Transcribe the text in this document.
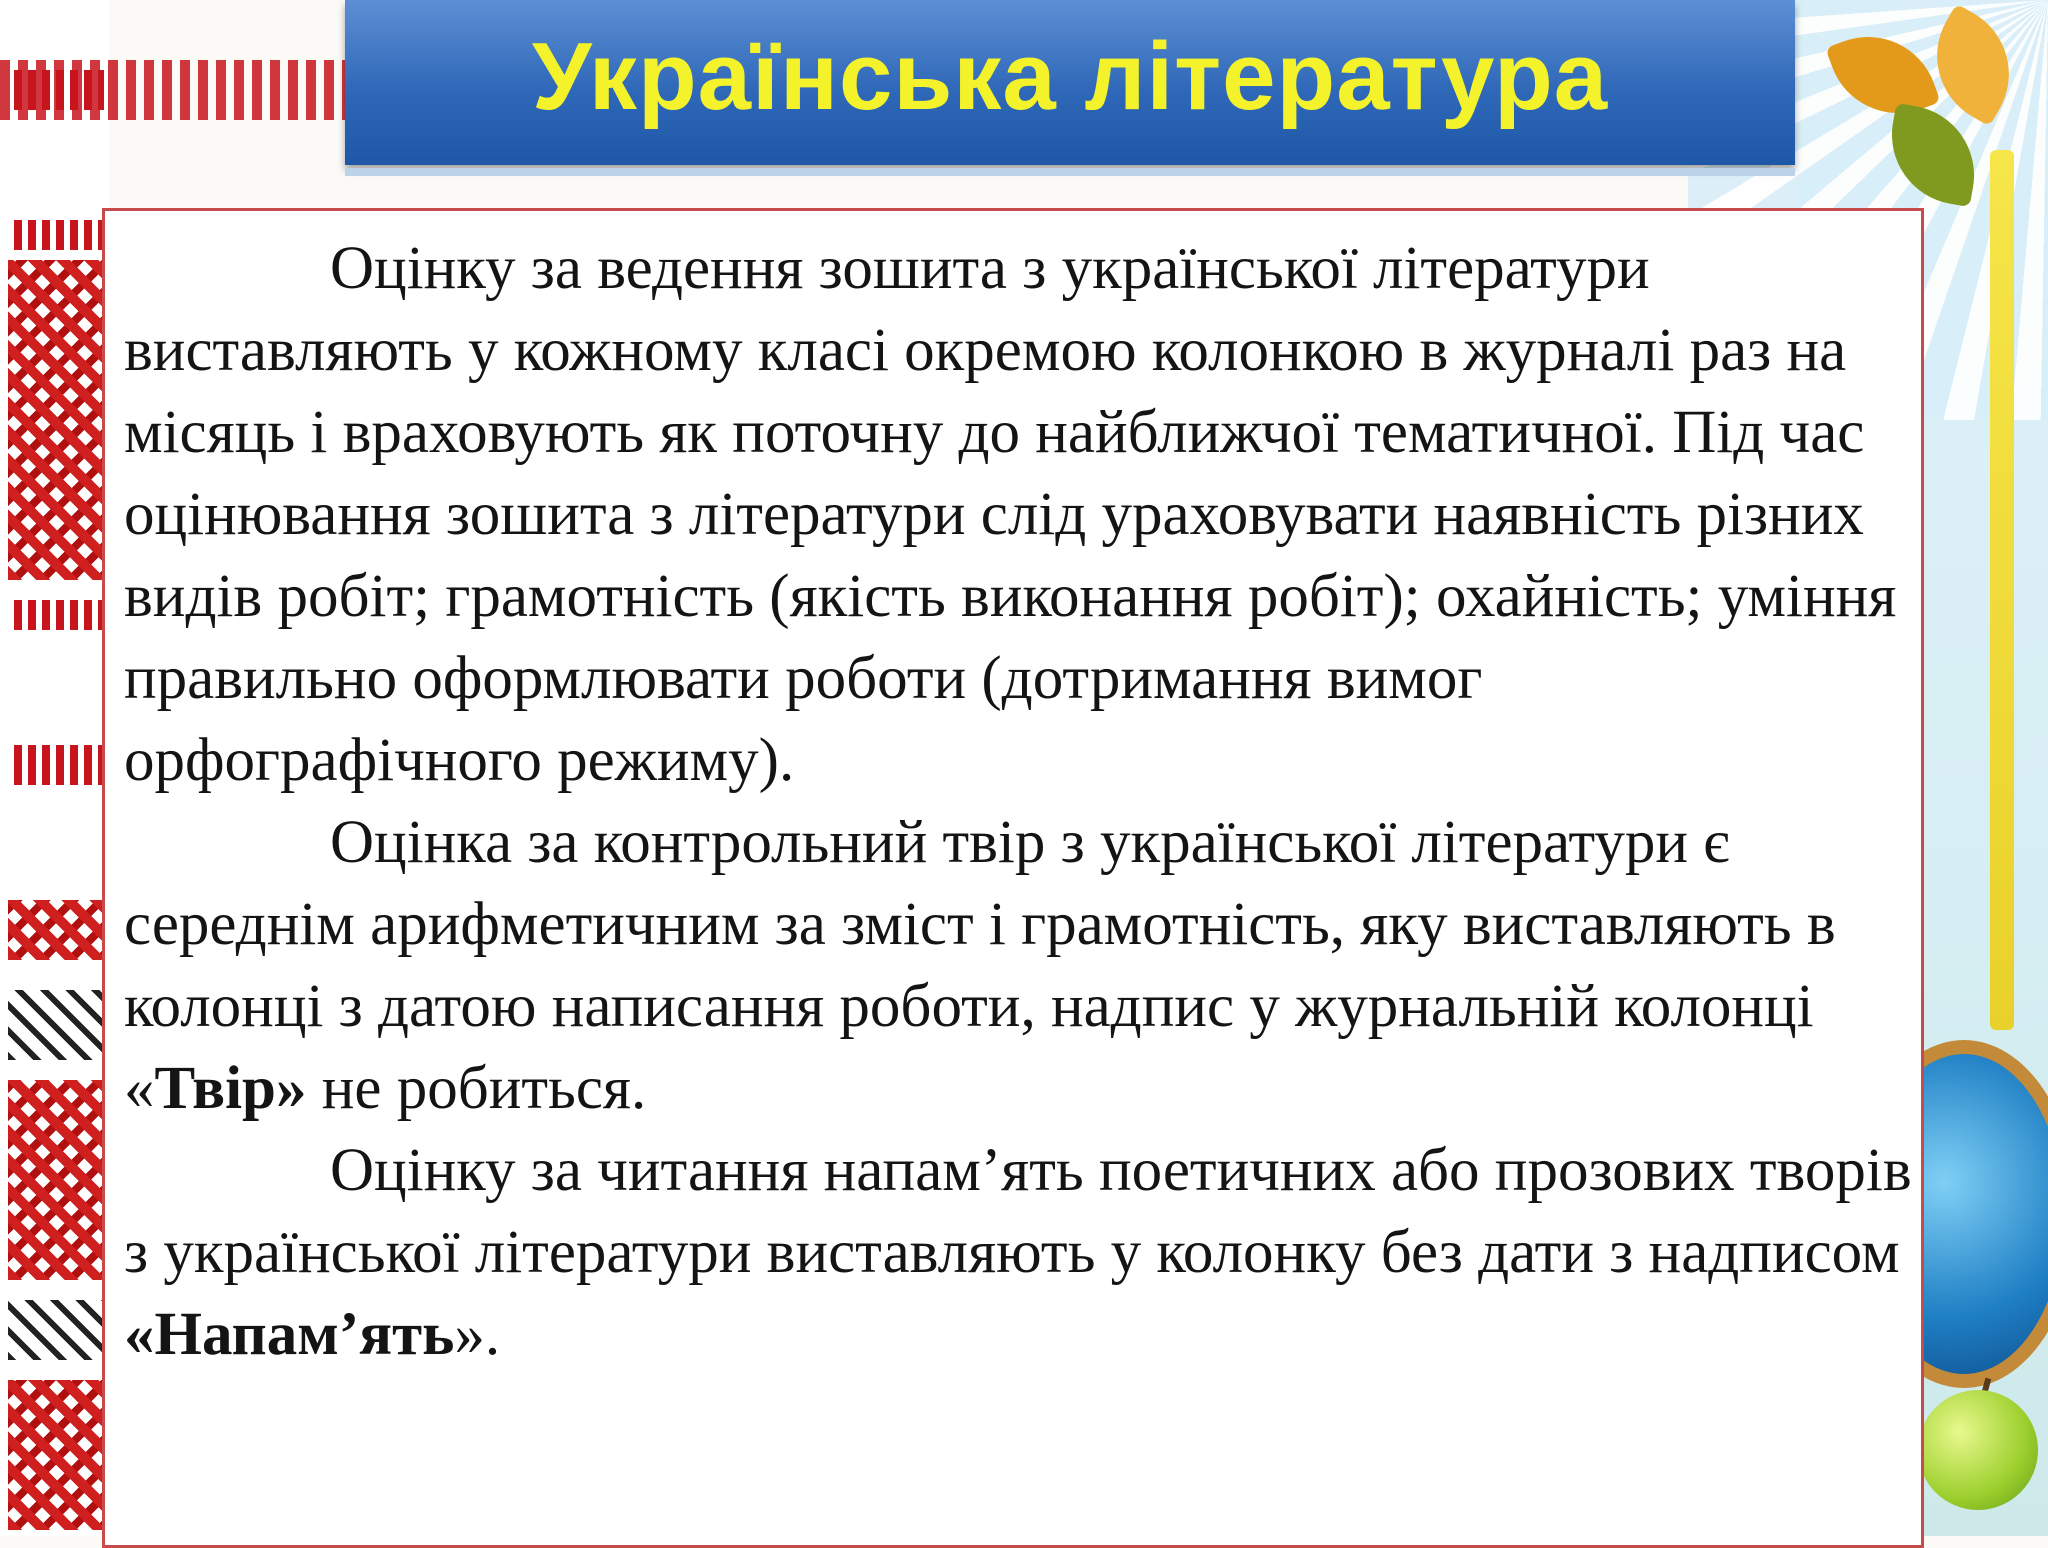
Українська література

Оцінку за ведення зошита з української літератури виставляють у кожному класі окремою колонкою в журналі раз на місяць і враховують як поточну до найближчої тематичної. Під час оцінювання зошита з літератури слід ураховувати наявність різних видів робіт; грамотність (якість виконання робіт); охайність; уміння правильно оформлювати роботи (дотримання вимог орфографічного режиму).

Оцінка за контрольний твір з української літератури є середнім арифметичним за зміст і грамотність, яку виставляють в колонці з датою написання роботи, надпис у журнальній колонці «Твір» не робиться.

Оцінку за читання напам’ять поетичних або прозових творів з української літератури виставляють у колонку без дати з надписом «Напам’ять».
